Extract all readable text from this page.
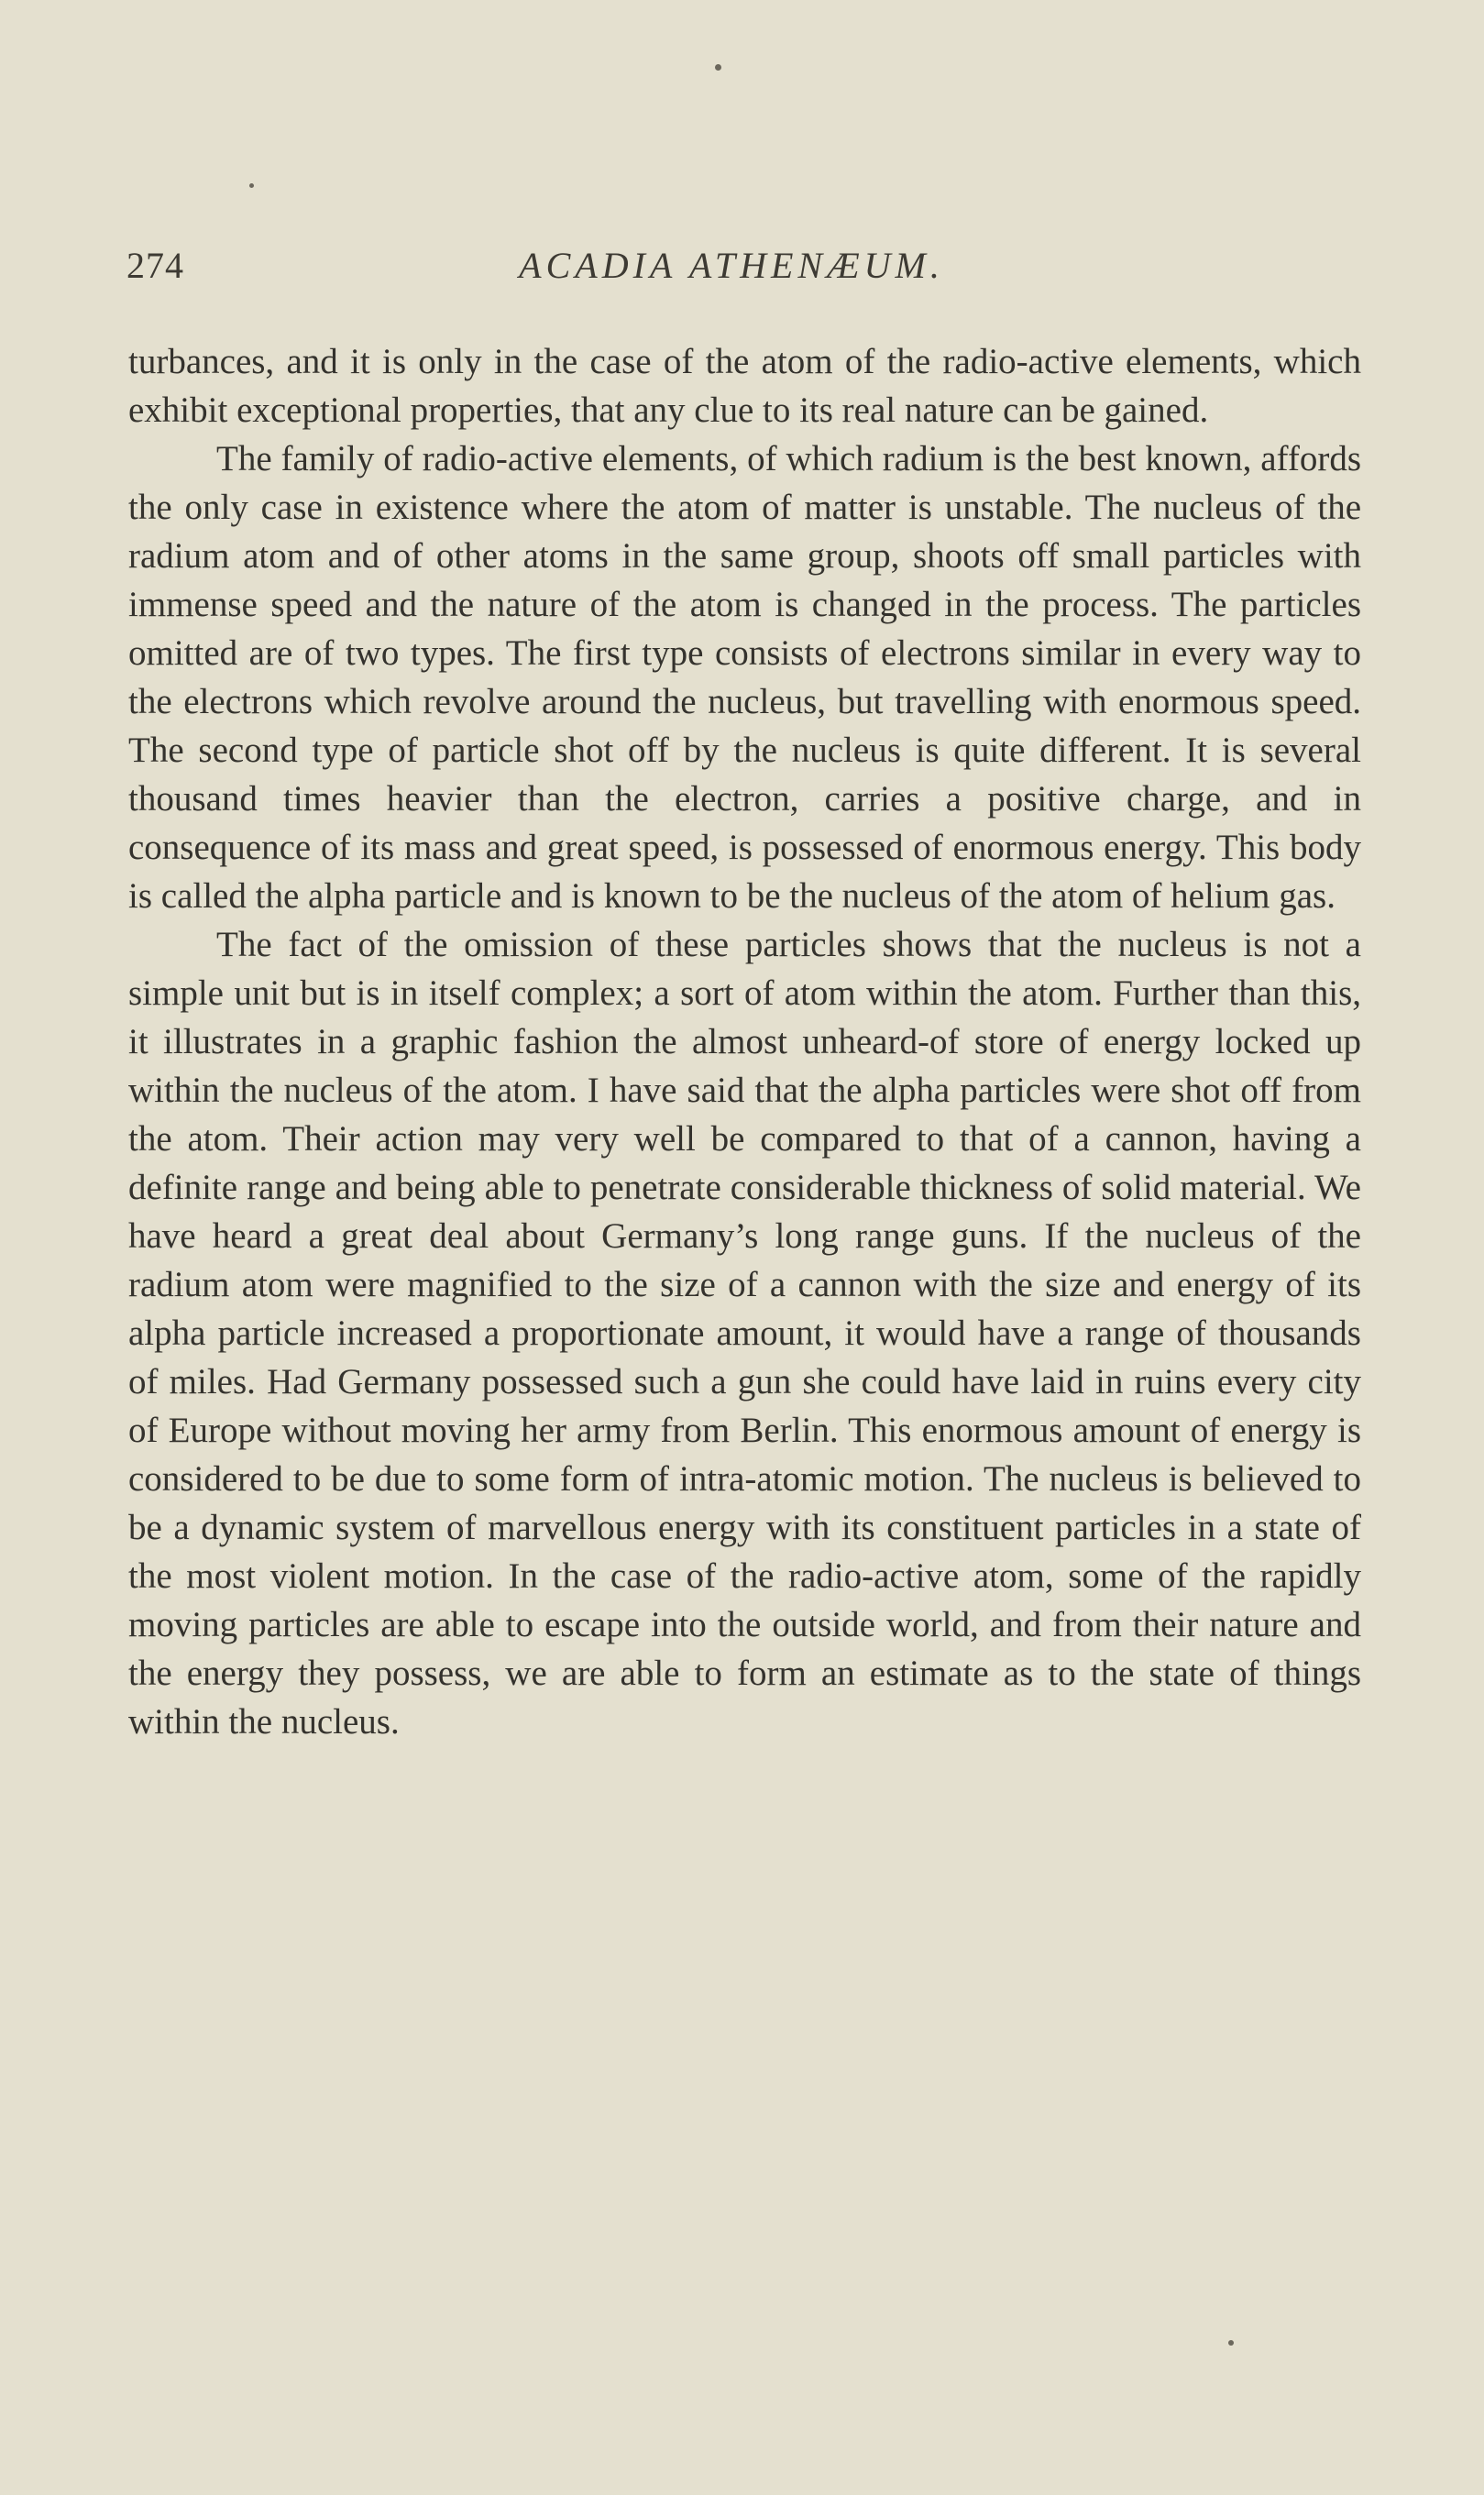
274	ACADIA ATHENÆUM.

turbances, and it is only in the case of the atom of the radio-active elements, which exhibit exceptional properties, that any clue to its real nature can be gained.

The family of radio-active elements, of which radium is the best known, affords the only case in existence where the atom of matter is unstable. The nucleus of the radium atom and of other atoms in the same group, shoots off small particles with immense speed and the nature of the atom is changed in the process. The particles omitted are of two types. The first type consists of electrons similar in every way to the electrons which revolve around the nucleus, but travelling with enormous speed. The second type of particle shot off by the nucleus is quite different. It is several thousand times heavier than the electron, carries a positive charge, and in consequence of its mass and great speed, is possessed of enormous energy. This body is called the alpha particle and is known to be the nucleus of the atom of helium gas.

The fact of the omission of these particles shows that the nucleus is not a simple unit but is in itself complex; a sort of atom within the atom. Further than this, it illustrates in a graphic fashion the almost unheard-of store of energy locked up within the nucleus of the atom. I have said that the alpha particles were shot off from the atom. Their action may very well be compared to that of a cannon, having a definite range and being able to penetrate considerable thickness of solid material. We have heard a great deal about Germany’s long range guns. If the nucleus of the radium atom were magnified to the size of a cannon with the size and energy of its alpha particle increased a proportionate amount, it would have a range of thousands of miles. Had Germany possessed such a gun she could have laid in ruins every city of Europe without moving her army from Berlin. This enormous amount of energy is considered to be due to some form of intra-atomic motion. The nucleus is believed to be a dynamic system of marvellous energy with its constituent particles in a state of the most violent motion. In the case of the radio-active atom, some of the rapidly moving particles are able to escape into the outside world, and from their nature and the energy they possess, we are able to form an estimate as to the state of things within the nucleus.
